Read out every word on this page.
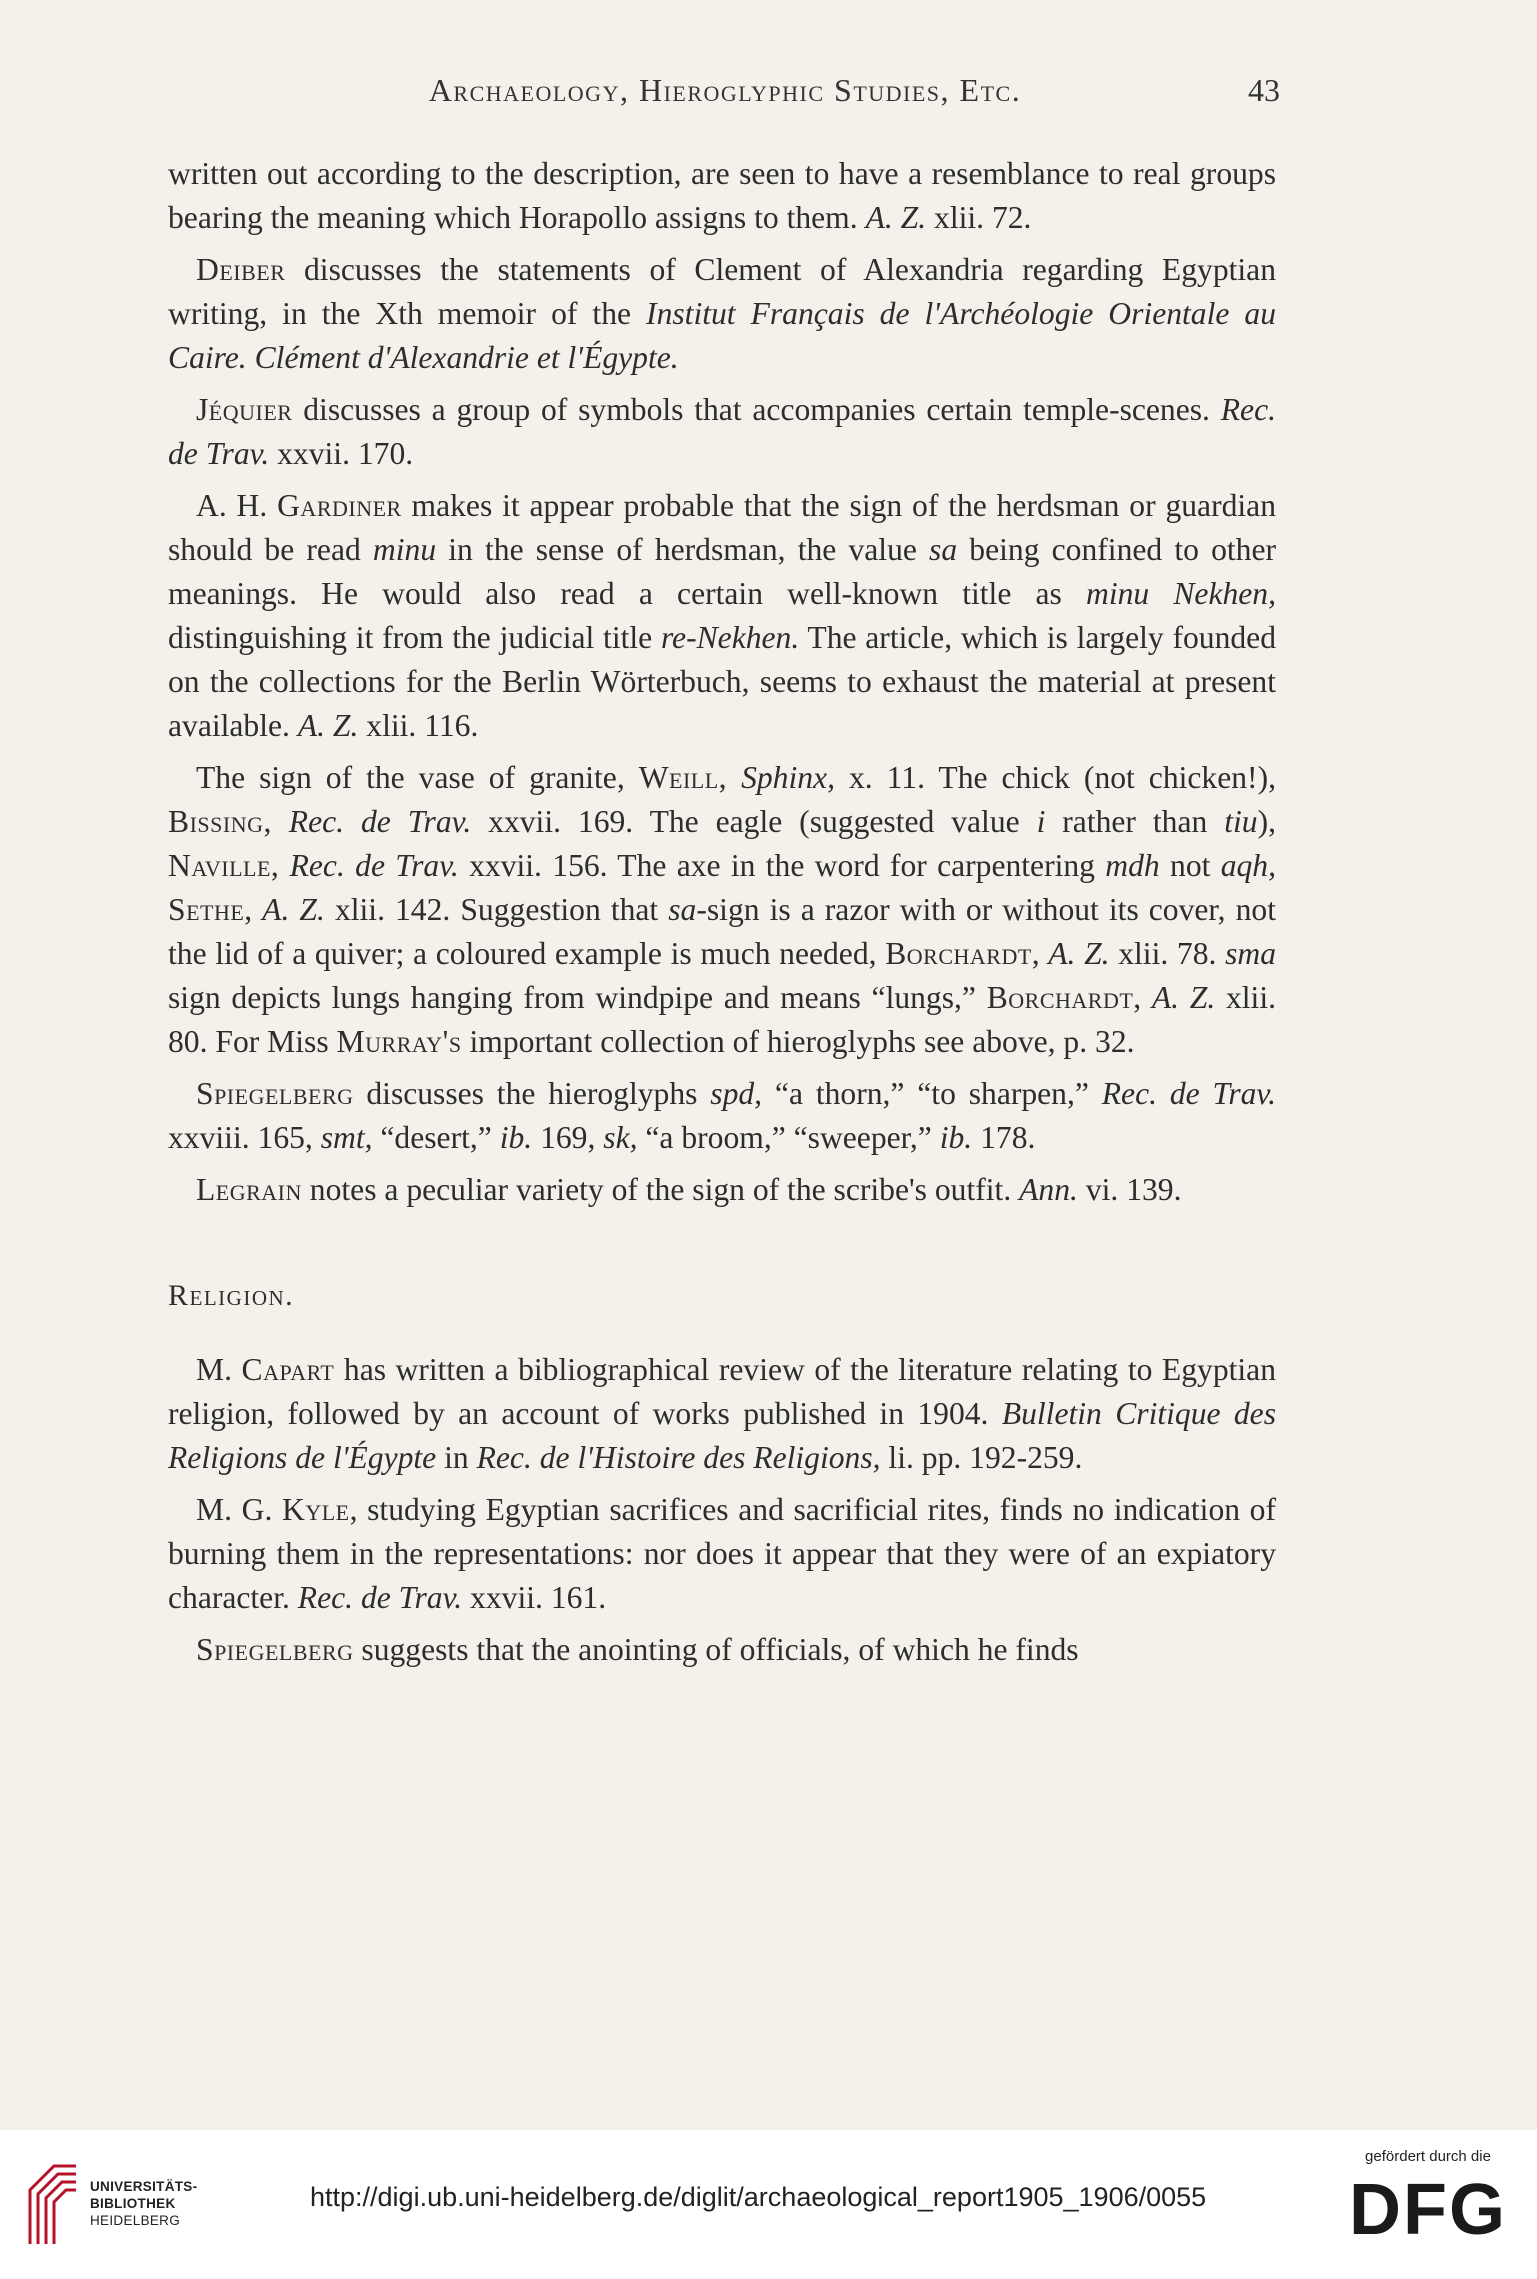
Archaeology, Hieroglyphic Studies, Etc.	43

written out according to the description, are seen to have a resemblance to real groups bearing the meaning which Horapollo assigns to them. A. Z. xlii. 72.

Deiber discusses the statements of Clement of Alexandria regarding Egyptian writing, in the Xth memoir of the Institut Français de l'Archéologie Orientale au Caire. Clément d'Alexandrie et l'Égypte.

Jéquier discusses a group of symbols that accompanies certain temple-scenes. Rec. de Trav. xxvii. 170.

A. H. Gardiner makes it appear probable that the sign of the herdsman or guardian should be read minu in the sense of herdsman, the value sa being confined to other meanings. He would also read a certain well-known title as minu Nekhen, distinguishing it from the judicial title re-Nekhen. The article, which is largely founded on the collections for the Berlin Wörterbuch, seems to exhaust the material at present available. A. Z. xlii. 116.

The sign of the vase of granite, Weill, Sphinx, x. 11. The chick (not chicken!), Bissing, Rec. de Trav. xxvii. 169. The eagle (suggested value i rather than tiu), Naville, Rec. de Trav. xxvii. 156. The axe in the word for carpentering mdh not aqh, Sethe, A. Z. xlii. 142. Suggestion that sa-sign is a razor with or without its cover, not the lid of a quiver; a coloured example is much needed, Borchardt, A. Z. xlii. 78. sma sign depicts lungs hanging from windpipe and means “lungs,” Borchardt, A. Z. xlii. 80. For Miss Murray's important collection of hieroglyphs see above, p. 32.

Spiegelberg discusses the hieroglyphs spd, “a thorn,” “to sharpen,” Rec. de Trav. xxviii. 165, smt, “desert,” ib. 169, sk, “a broom,” “sweeper,” ib. 178.

Legrain notes a peculiar variety of the sign of the scribe's outfit. Ann. vi. 139.

Religion.

M. Capart has written a bibliographical review of the literature relating to Egyptian religion, followed by an account of works published in 1904. Bulletin Critique des Religions de l'Égypte in Rec. de l'Histoire des Religions, li. pp. 192-259.

M. G. Kyle, studying Egyptian sacrifices and sacrificial rites, finds no indication of burning them in the representations: nor does it appear that they were of an expiatory character. Rec. de Trav. xxvii. 161.

Spiegelberg suggests that the anointing of officials, of which he finds

UNIVERSITÄTS-
BIBLIOTHEK
HEIDELBERG
http://digi.ub.uni-heidelberg.de/diglit/archaeological_report1905_1906/0055
gefördert durch die
DFG
